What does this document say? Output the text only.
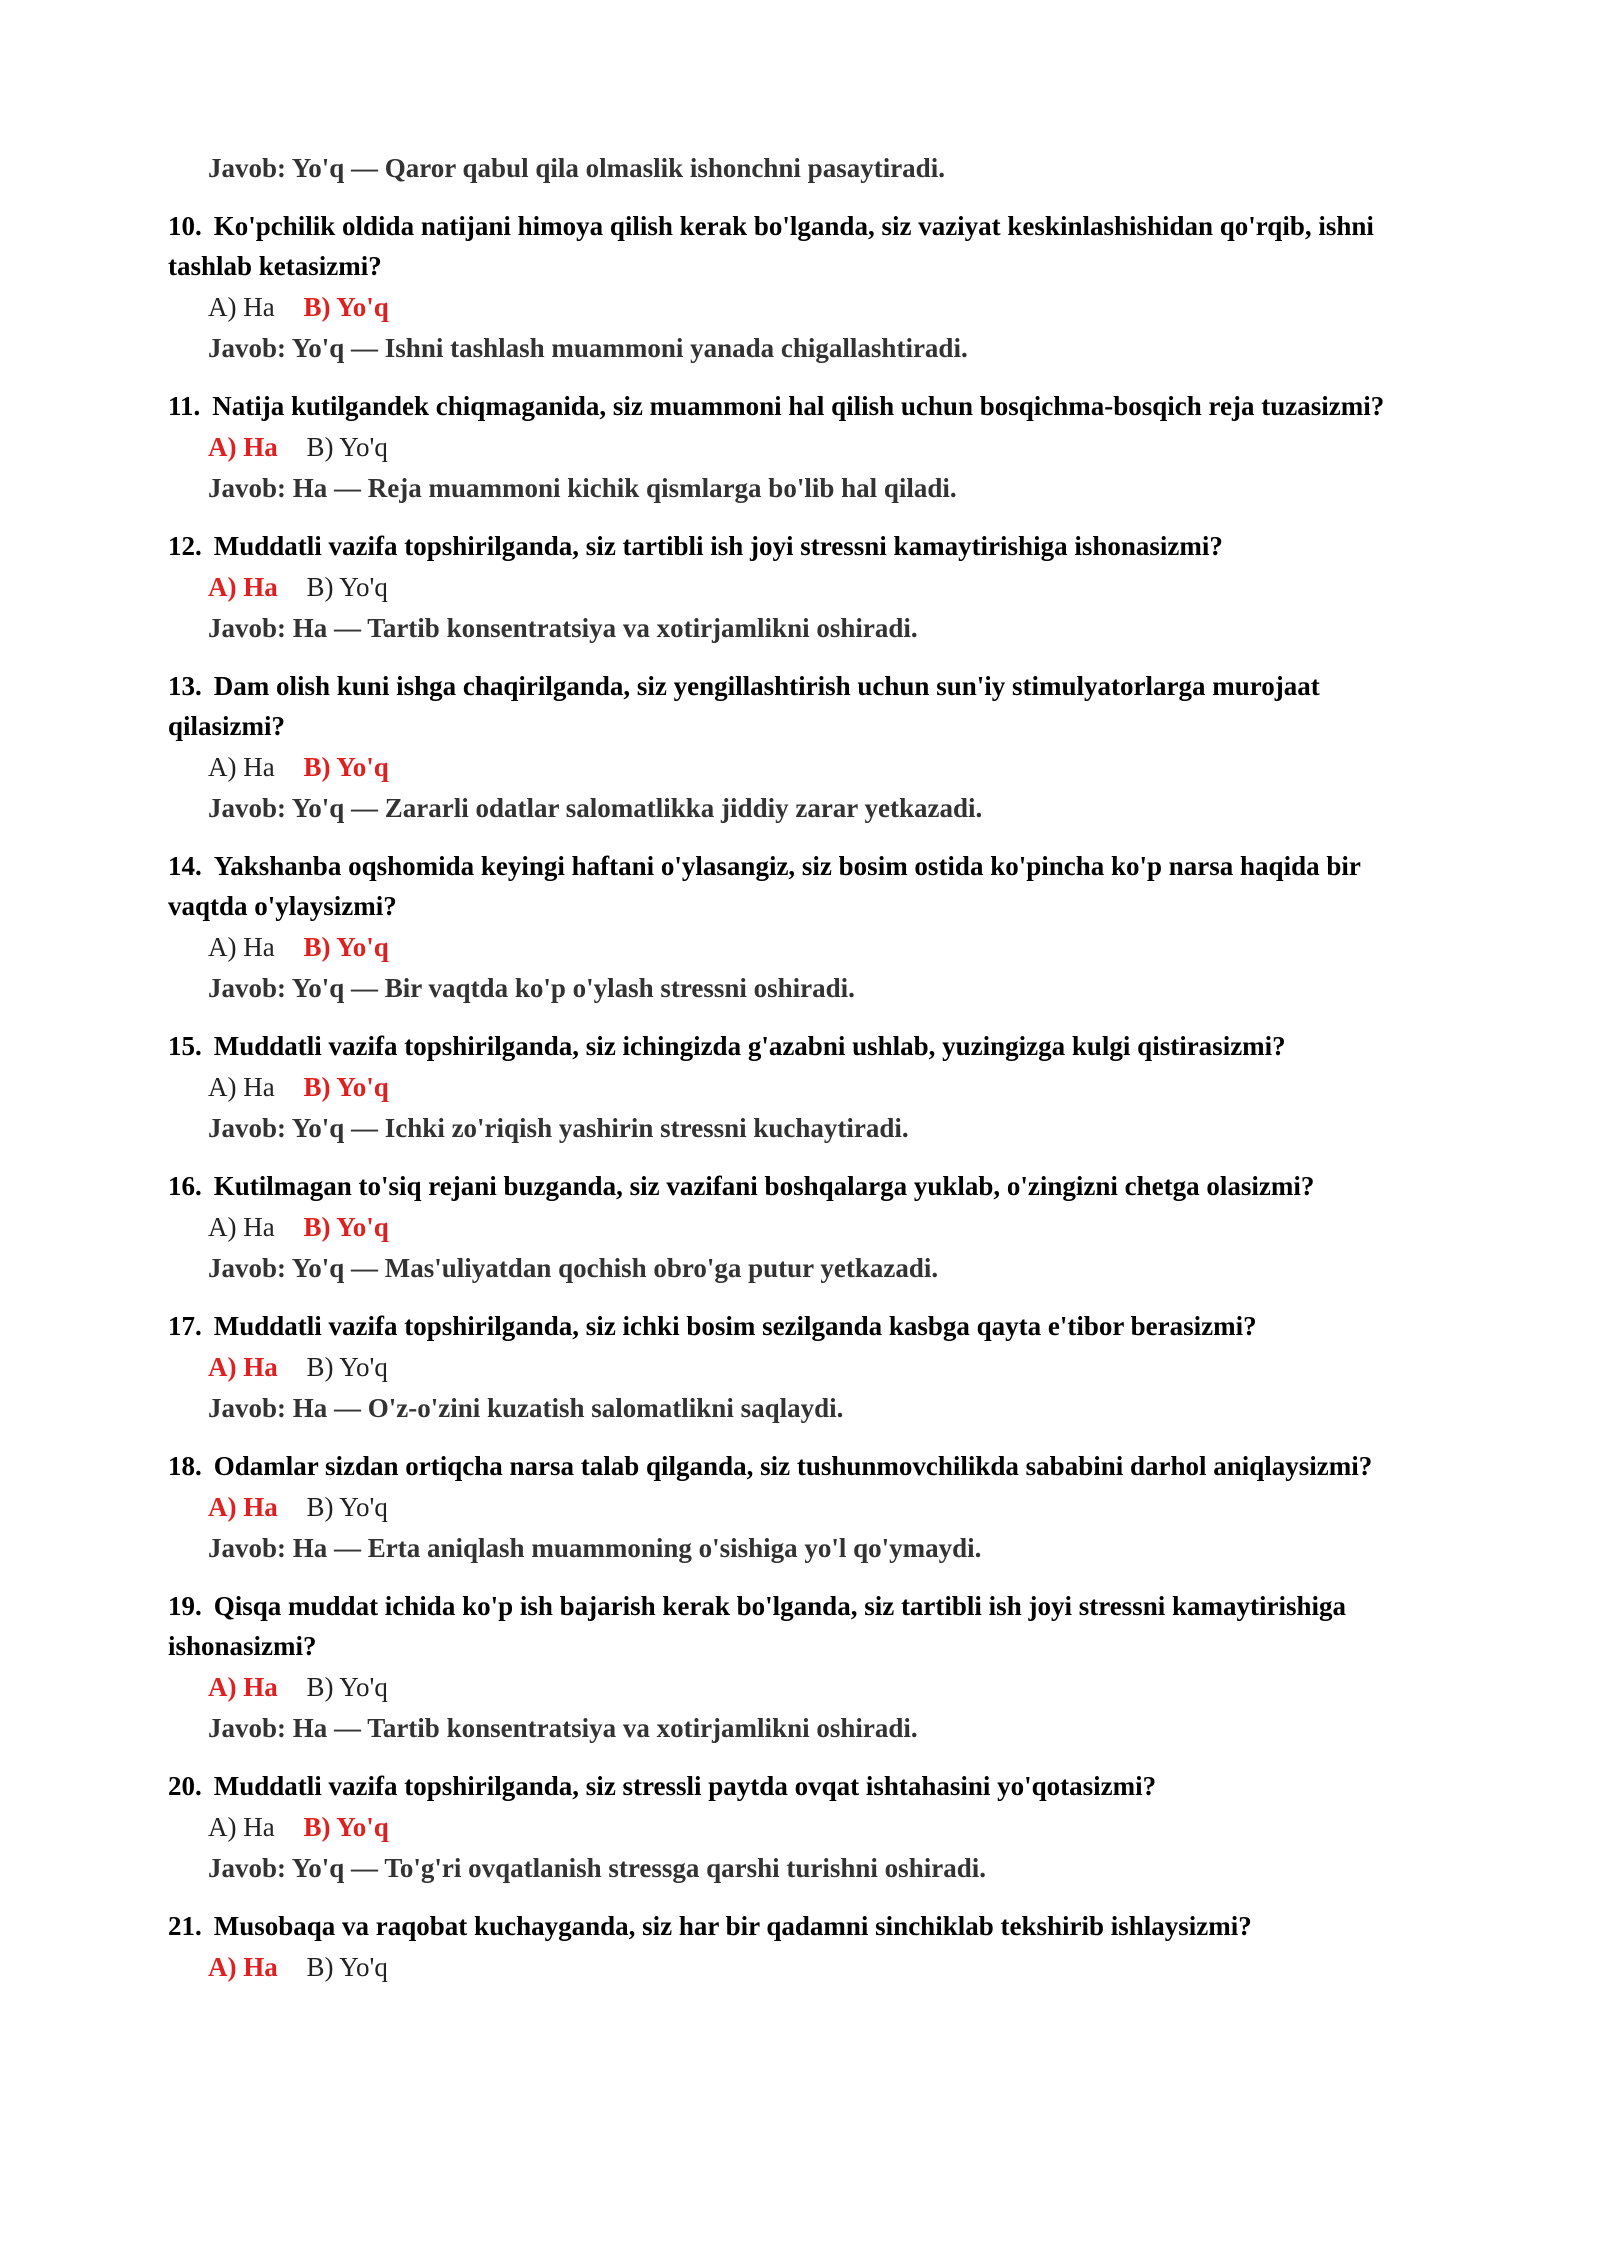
Javob: Yo'q — Qaror qabul qila olmaslik ishonchni pasaytiradi.
10. Ko'pchilik oldida natijani himoya qilish kerak bo'lganda, siz vaziyat keskinlashishidan qo'rqib, ishni tashlab ketasizmi?
A) Ha B) Yo'q
Javob: Yo'q — Ishni tashlash muammoni yanada chigallashtiradi.
11. Natija kutilgandek chiqmaganida, siz muammoni hal qilish uchun bosqichma-bosqich reja tuzasizmi?
A) Ha B) Yo'q
Javob: Ha — Reja muammoni kichik qismlarga bo'lib hal qiladi.
12. Muddatli vazifa topshirilganda, siz tartibli ish joyi stressni kamaytirishiga ishonasizmi?
A) Ha B) Yo'q
Javob: Ha — Tartib konsentratsiya va xotirjamlikni oshiradi.
13. Dam olish kuni ishga chaqirilganda, siz yengillashtirish uchun sun'iy stimulyatorlarga murojaat qilasizmi?
A) Ha B) Yo'q
Javob: Yo'q — Zararli odatlar salomatlikka jiddiy zarar yetkazadi.
14. Yakshanba oqshomida keyingi haftani o'ylasangiz, siz bosim ostida ko'pincha ko'p narsa haqida bir vaqtda o'ylaysizmi?
A) Ha B) Yo'q
Javob: Yo'q — Bir vaqtda ko'p o'ylash stressni oshiradi.
15. Muddatli vazifa topshirilganda, siz ichingizda g'azabni ushlab, yuzingizga kulgi qistirasizmi?
A) Ha B) Yo'q
Javob: Yo'q — Ichki zo'riqish yashirin stressni kuchaytiradi.
16. Kutilmagan to'siq rejani buzganda, siz vazifani boshqalarga yuklab, o'zingizni chetga olasizmi?
A) Ha B) Yo'q
Javob: Yo'q — Mas'uliyatdan qochish obro'ga putur yetkazadi.
17. Muddatli vazifa topshirilganda, siz ichki bosim sezilganda kasbga qayta e'tibor berasizmi?
A) Ha B) Yo'q
Javob: Ha — O'z-o'zini kuzatish salomatlikni saqlaydi.
18. Odamlar sizdan ortiqcha narsa talab qilganda, siz tushunmovchilikda sababini darhol aniqlaysizmi?
A) Ha B) Yo'q
Javob: Ha — Erta aniqlash muammoning o'sishiga yo'l qo'ymaydi.
19. Qisqa muddat ichida ko'p ish bajarish kerak bo'lganda, siz tartibli ish joyi stressni kamaytirishiga ishonasizmi?
A) Ha B) Yo'q
Javob: Ha — Tartib konsentratsiya va xotirjamlikni oshiradi.
20. Muddatli vazifa topshirilganda, siz stressli paytda ovqat ishtahasini yo'qotasizmi?
A) Ha B) Yo'q
Javob: Yo'q — To'g'ri ovqatlanish stressga qarshi turishni oshiradi.
21. Musobaqa va raqobat kuchayganda, siz har bir qadamni sinchiklab tekshirib ishlaysizmi?
A) Ha B) Yo'q
